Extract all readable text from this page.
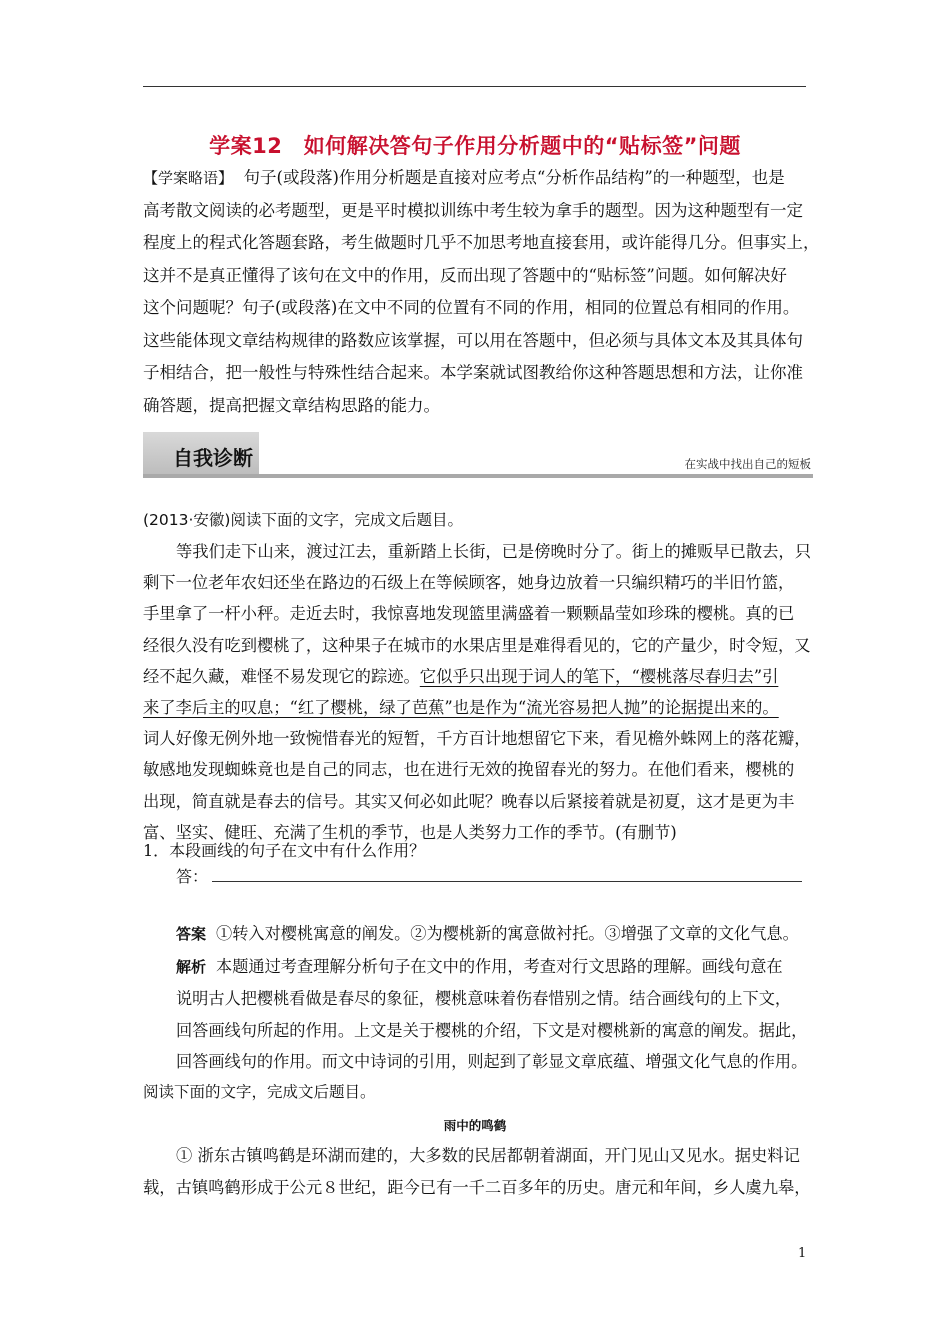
学案12　如何解决答句子作用分析题中的“贴标签”问题
【学案略语】 句子(或段落)作用分析题是直接对应考点“分析作品结构”的一种题型，也是
高考散文阅读的必考题型，更是平时模拟训练中考生较为拿手的题型。因为这种题型有一定
程度上的程式化答题套路，考生做题时几乎不加思考地直接套用，或许能得几分。但事实上，
这并不是真正懂得了该句在文中的作用，反而出现了答题中的“贴标签”问题。如何解决好
这个问题呢？句子(或段落)在文中不同的位置有不同的作用，相同的位置总有相同的作用。
这些能体现文章结构规律的路数应该掌握，可以用在答题中，但必须与具体文本及其具体句
子相结合，把一般性与特殊性结合起来。本学案就试图教给你这种答题思想和方法，让你准
确答题，提高把握文章结构思路的能力。
自我诊断	在实战中找出自己的短板
(2013·安徽)阅读下面的文字，完成文后题目。
等我们走下山来，渡过江去，重新踏上长街，已是傍晚时分了。街上的摊贩早已散去，只
剩下一位老年农妇还坐在路边的石级上在等候顾客，她身边放着一只编织精巧的半旧竹篮，
手里拿了一杆小秤。走近去时，我惊喜地发现篮里满盛着一颗颗晶莹如珍珠的樱桃。真的已
经很久没有吃到樱桃了，这种果子在城市的水果店里是难得看见的，它的产量少，时令短，又
经不起久藏，难怪不易发现它的踪迹。它似乎只出现于词人的笔下，“樱桃落尽春归去”引
来了李后主的叹息；“红了樱桃，绿了芭蕉”也是作为“流光容易把人抛”的论据提出来的。
词人好像无例外地一致惋惜春光的短暂，千方百计地想留它下来，看见檐外蛛网上的落花瓣，
敏感地发现蜘蛛竟也是自己的同志，也在进行无效的挽留春光的努力。在他们看来，樱桃的
出现，简直就是春去的信号。其实又何必如此呢？晚春以后紧接着就是初夏，这才是更为丰
富、坚实、健旺、充满了生机的季节，也是人类努力工作的季节。(有删节)
1．本段画线的句子在文中有什么作用？
答：
答案 ①转入对樱桃寓意的阐发。②为樱桃新的寓意做衬托。③增强了文章的文化气息。
解析 本题通过考查理解分析句子在文中的作用，考查对行文思路的理解。画线句意在
说明古人把樱桃看做是春尽的象征，樱桃意味着伤春惜别之情。结合画线句的上下文，
回答画线句所起的作用。上文是关于樱桃的介绍，下文是对樱桃新的寓意的阐发。据此，
回答画线句的作用。而文中诗词的引用，则起到了彰显文章底蕴、增强文化气息的作用。
阅读下面的文字，完成文后题目。
雨中的鸣鹤
① 浙东古镇鸣鹤是环湖而建的，大多数的民居都朝着湖面，开门见山又见水。据史料记
载，古镇鸣鹤形成于公元８世纪，距今已有一千二百多年的历史。唐元和年间，乡人虞九皋，
1
